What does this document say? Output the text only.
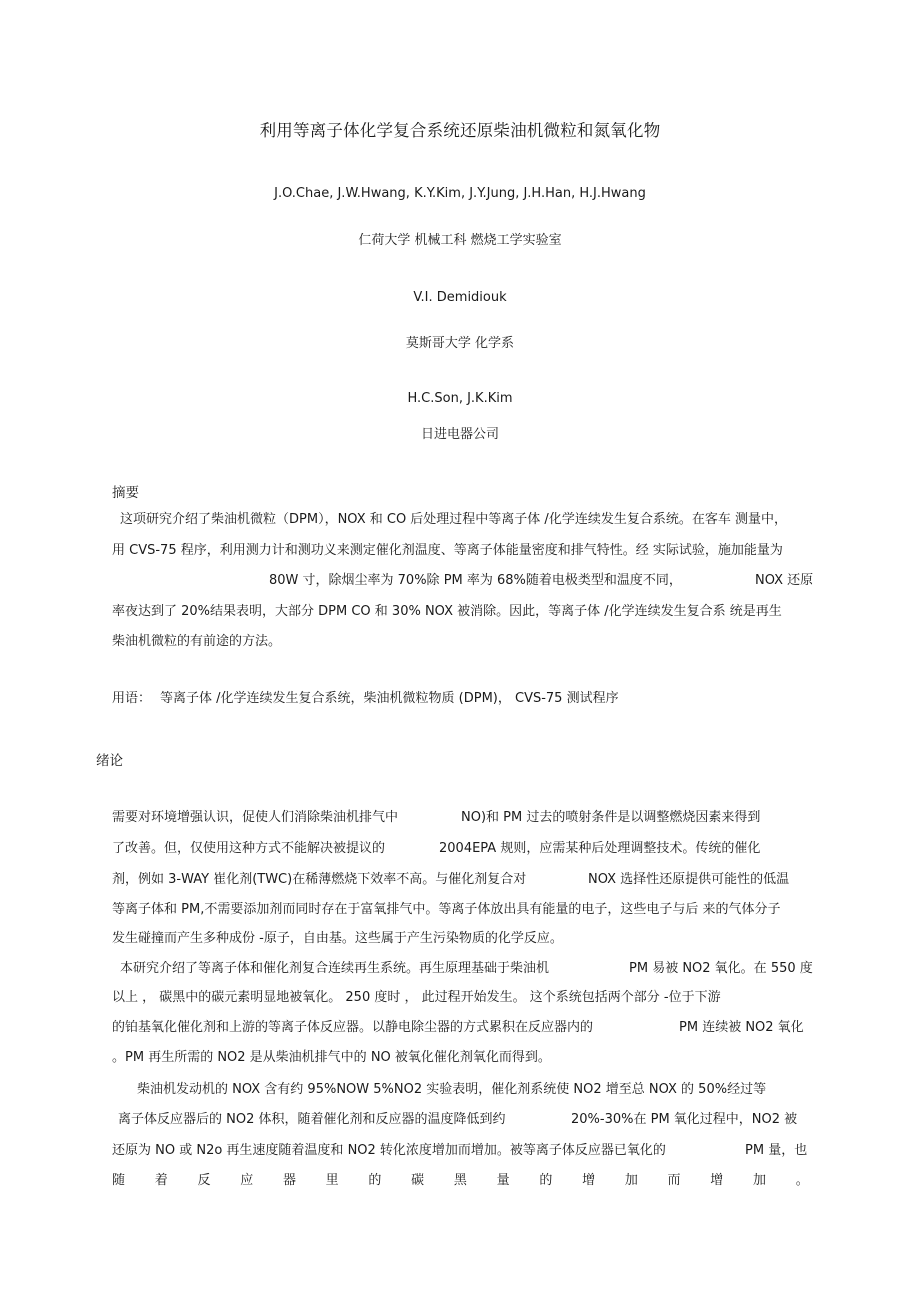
利用等离子体化学复合系统还原柴油机微粒和氮氧化物
J.O.Chae, J.W.Hwang, K.Y.Kim, J.Y.Jung, J.H.Han, H.J.Hwang
仁荷大学 机械工科 燃烧工学实验室
V.I. Demidiouk
莫斯哥大学 化学系
H.C.Son, J.K.Kim
日进电器公司
摘要
这项研究介绍了柴油机微粒（DPM），NOX 和 CO 后处理过程中等离子体 /化学连续发生复合系统。在客车 测量中，
用 CVS-75 程序，利用测力计和测功义来测定催化剂温度、等离子体能量密度和排气特性。经 实际试验，施加能量为
80W 寸，除烟尘率为 70%除 PM 率为 68%随着电极类型和温度不同，	NOX 还原
率夜达到了 20%结果表明，大部分 DPM CO 和 30% NOX 被消除。因此，等离子体 /化学连续发生复合系 统是再生
柴油机微粒的有前途的方法。
用语： 等离子体 /化学连续发生复合系统，柴油机微粒物质 (DPM)， CVS-75 测试程序
绪论
需要对环境增强认识，促使人们消除柴油机排气中	NO)和 PM 过去的喷射条件是以调整燃烧因素来得到
了改善。但，仅使用这种方式不能解决被提议的	2004EPA 规则，应需某种后处理调整技术。传统的催化
剂，例如 3-WAY 崔化剂(TWC)在稀薄燃烧下效率不高。与催化剂复合对	NOX 选择性还原提供可能性的低温
等离子体和 PM,不需要添加剂而同时存在于富氧排气中。等离子体放出具有能量的电子，这些电子与后 来的气体分子
发生碰撞而产生多种成份 -原子，自由基。这些属于产生污染物质的化学反应。
本研究介绍了等离子体和催化剂复合连续再生系统。再生原理基础于柴油机	PM 易被 NO2 氧化。在 550 度
以上 ， 碳黑中的碳元素明显地被氧化。 250 度时 ， 此过程开始发生。 这个系统包括两个部分 -位于下游
的铂基氧化催化剂和上游的等离子体反应器。以静电除尘器的方式累积在反应器内的	PM 连续被 NO2 氧化
。PM 再生所需的 NO2 是从柴油机排气中的 NO 被氧化催化剂氧化而得到。
柴油机发动机的 NOX 含有约 95%NOW 5%NO2 实验表明，催化剂系统使 NO2 增至总 NOX 的 50%经过等
离子体反应器后的 NO2 体积，随着催化剂和反应器的温度降低到约	20%-30%在 PM 氧化过程中，NO2 被
还原为 NO 或 N2o 再生速度随着温度和 NO2 转化浓度增加而增加。被等离子体反应器已氧化的	PM 量，也
随 着 反 应 器 里 的 碳 黑 量 的 增 加 而 增 加 。
